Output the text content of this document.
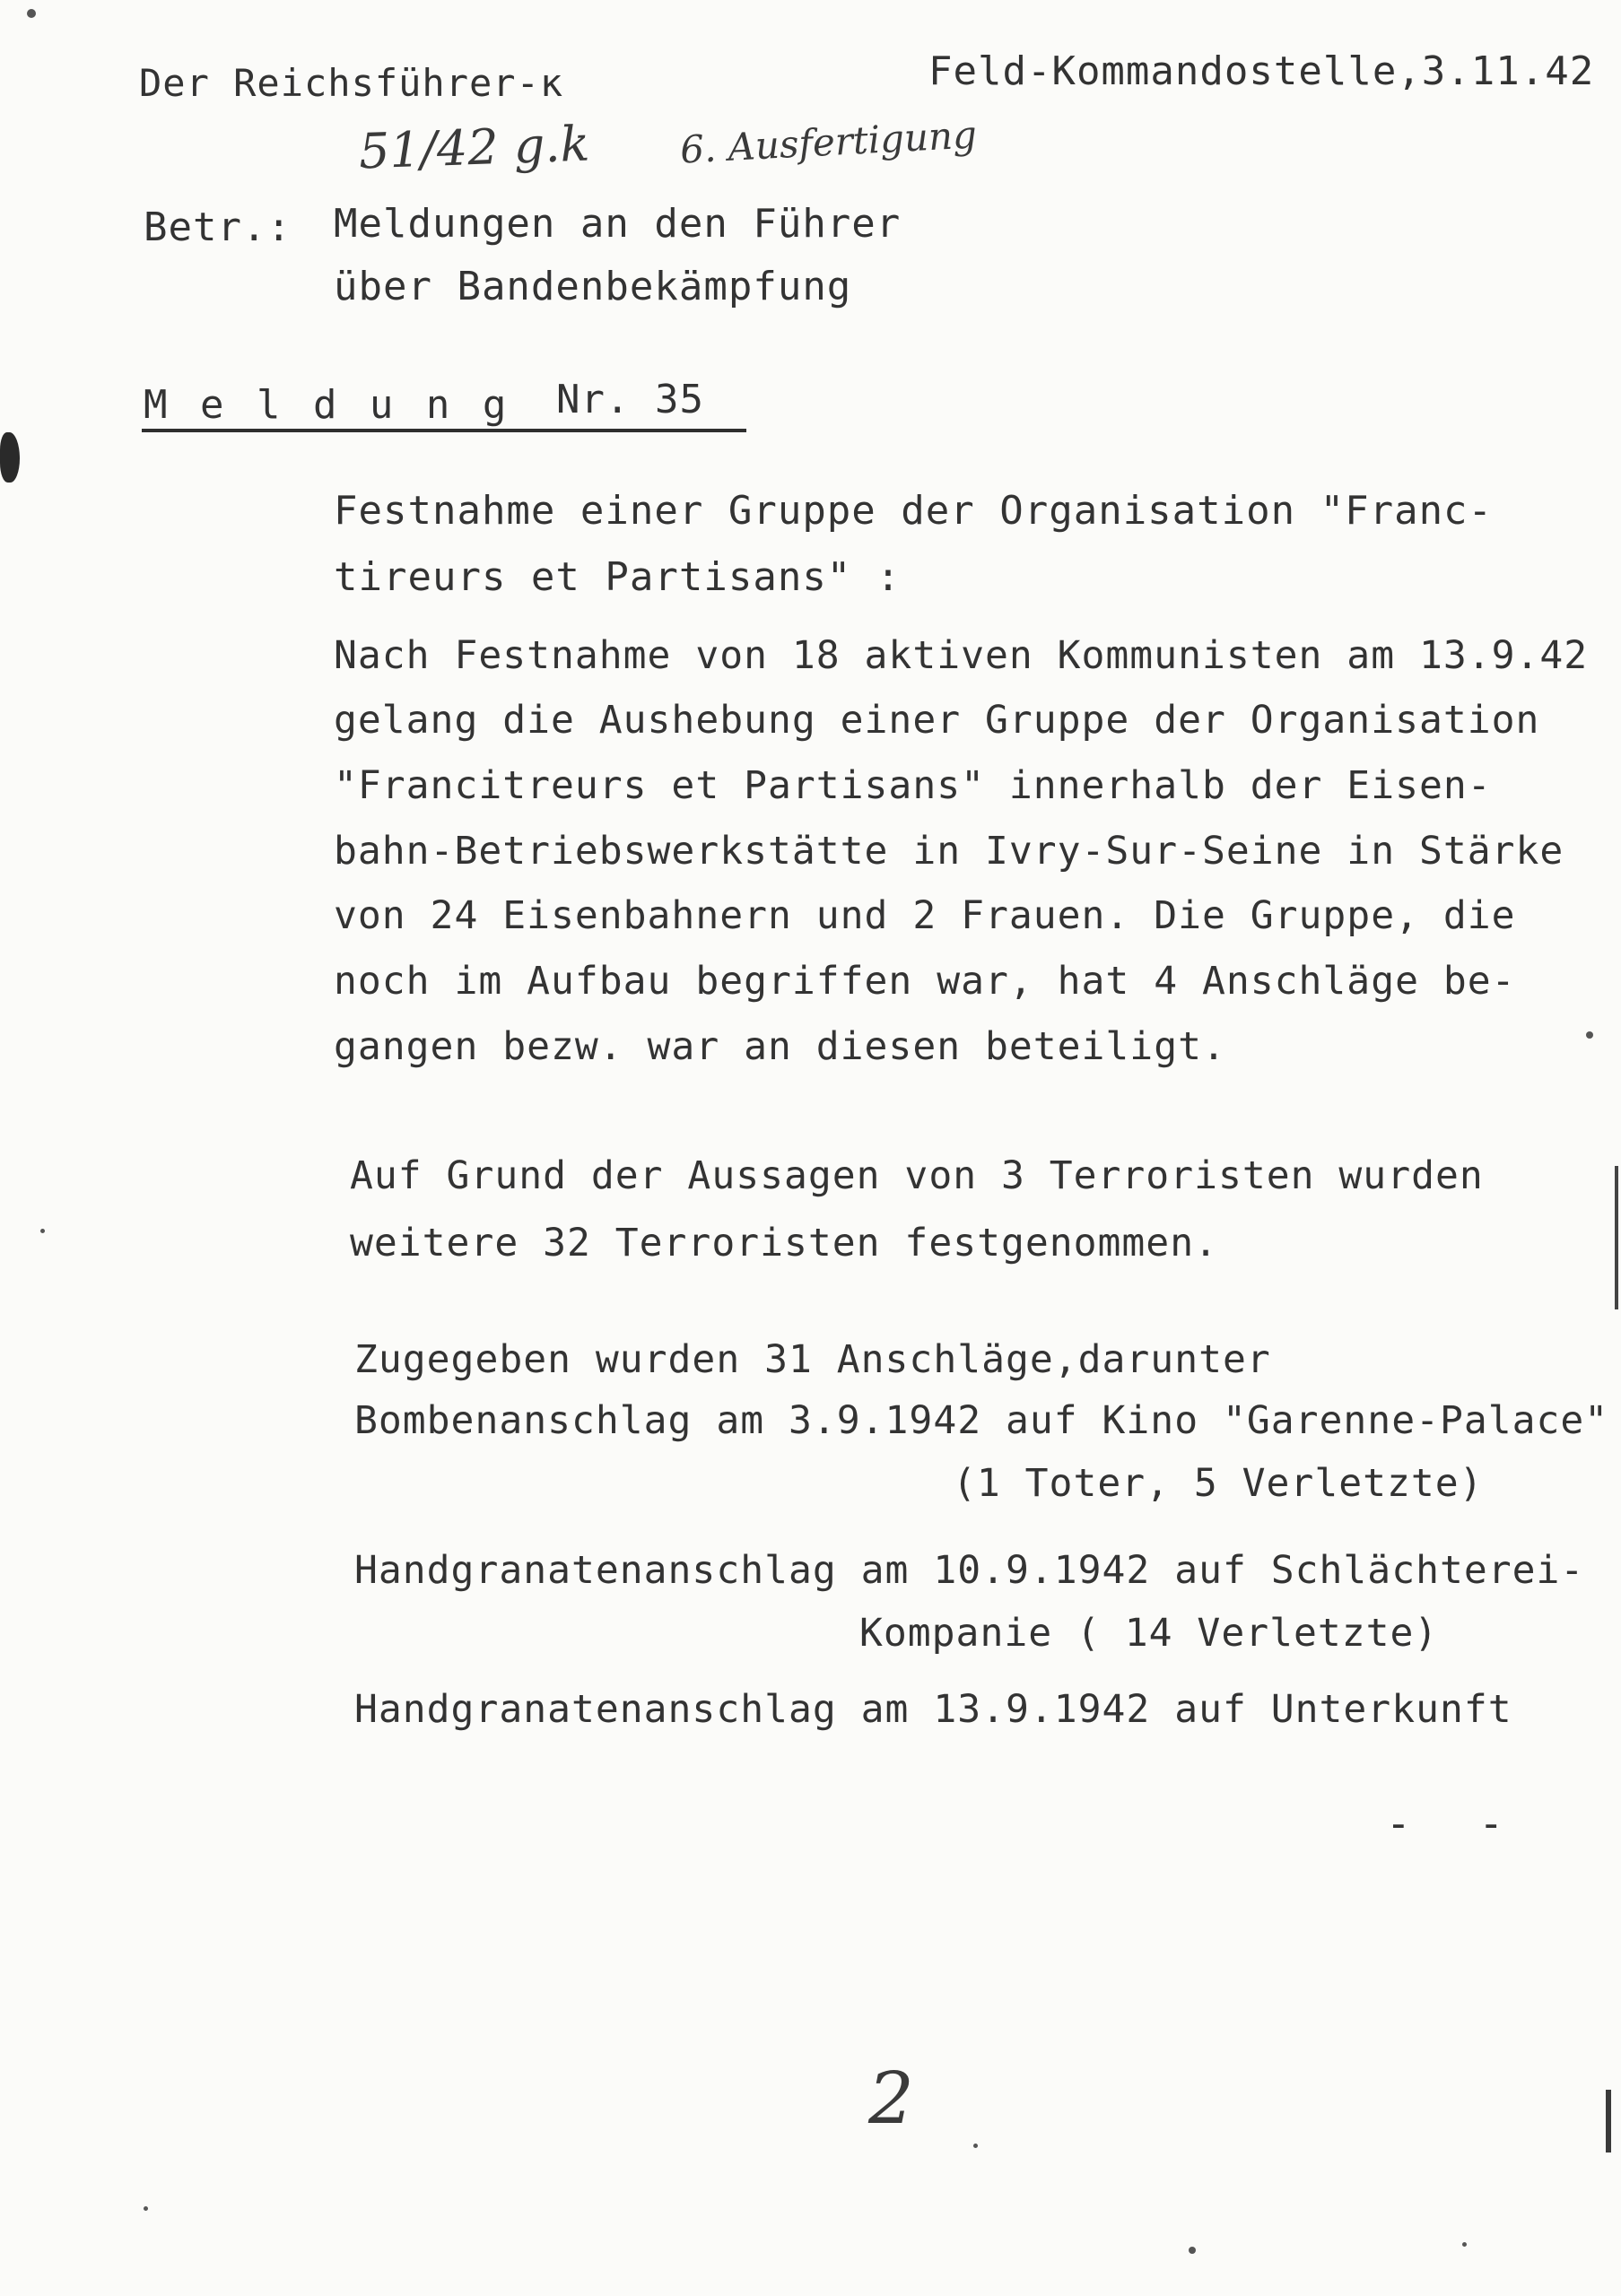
Der Reichsführer-ĸ	Feld-Kommandostelle,3.11.42
51/42 g.k 6. Ausfertigung
Betr.: Meldungen an den Führer
über Bandenbekämpfung
M e l d u n g Nr. 35
Festnahme einer Gruppe der Organisation "Franc-
tireurs et Partisans" :
Nach Festnahme von 18 aktiven Kommunisten am 13.9.42
gelang die Aushebung einer Gruppe der Organisation
"Francitreurs et Partisans" innerhalb der Eisen-
bahn-Betriebswerkstätte in Ivry-Sur-Seine in Stärke
von 24 Eisenbahnern und 2 Frauen. Die Gruppe, die
noch im Aufbau begriffen war, hat 4 Anschläge be-
gangen bezw. war an diesen beteiligt.
Auf Grund der Aussagen von 3 Terroristen wurden
weitere 32 Terroristen festgenommen.
Zugegeben wurden 31 Anschläge,darunter
Bombenanschlag am 3.9.1942 auf Kino "Garenne-Palace"
(1 Toter, 5 Verletzte)
Handgranatenanschlag am 10.9.1942 auf Schlächterei-
Kompanie ( 14 Verletzte)
Handgranatenanschlag am 13.9.1942 auf Unterkunft
- -
2
